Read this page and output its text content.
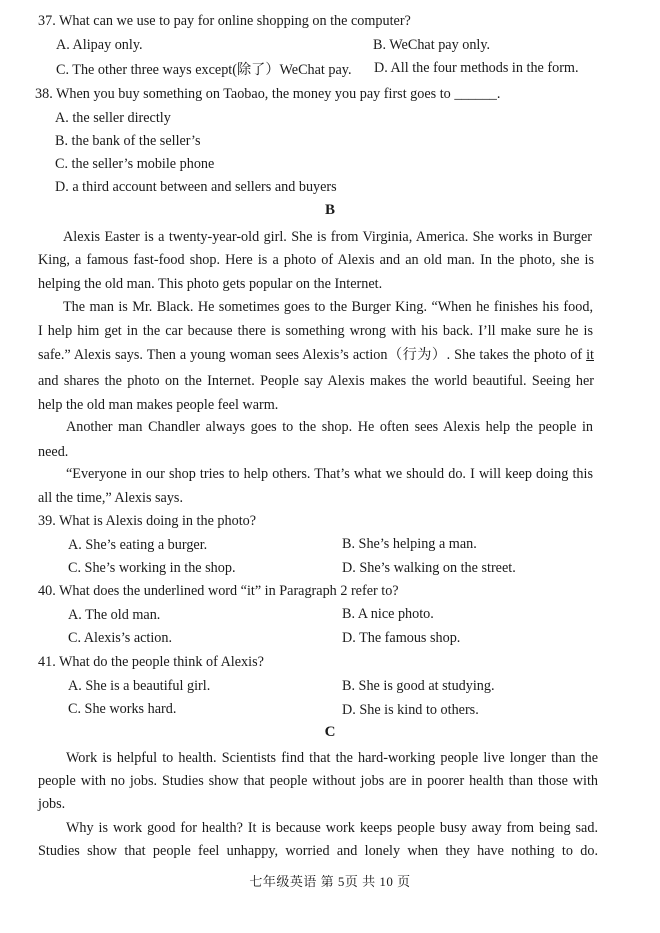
37. What can we use to pay for online shopping on the computer?
A. Alipay only.	B. WeChat pay only.
C. The other three ways except(除了）WeChat pay. D. All the four methods in the form.
38. When you buy something on Taobao, the money you pay first goes to ______.
A. the seller directly
B. the bank of the seller’s
C. the seller’s mobile phone
D. a third account between and sellers and buyers
B
Alexis Easter is a twenty-year-old girl. She is from Virginia, America. She works in Burger
King, a famous fast-food shop. Here is a photo of Alexis and an old man. In the photo, she is
helping the old man. This photo gets popular on the Internet.
The man is Mr. Black. He sometimes goes to the Burger King. “When he finishes his food,
I help him get in the car because there is something wrong with his back. I’ll make sure he is
safe.” Alexis says. Then a young woman sees Alexis’s action（行为）. She takes the photo of it
and shares the photo on the Internet. People say Alexis makes the world beautiful. Seeing her
help the old man makes people feel warm.
Another man Chandler always goes to the shop. He often sees Alexis help the people in
need.
“Everyone in our shop tries to help others. That’s what we should do. I will keep doing this
all the time,” Alexis says.
39. What is Alexis doing in the photo?
A. She’s eating a burger.	B. She’s helping a man.
C. She’s working in the shop.	D. She’s walking on the street.
40. What does the underlined word “it” in Paragraph 2 refer to?
A. The old man.	B. A nice photo.
C. Alexis’s action.	D. The famous shop.
41. What do the people think of Alexis?
A. She is a beautiful girl.	B. She is good at studying.
C. She works hard.	D. She is kind to others.
C
Work is helpful to health. Scientists find that the hard-working people live longer than the
people with no jobs. Studies show that people without jobs are in poorer health than those with
jobs.
Why is work good for health? It is because work keeps people busy away from being sad.
Studies show that people feel unhappy, worried and lonely when they have nothing to do.
七年级英语 第 5页 共 10 页
